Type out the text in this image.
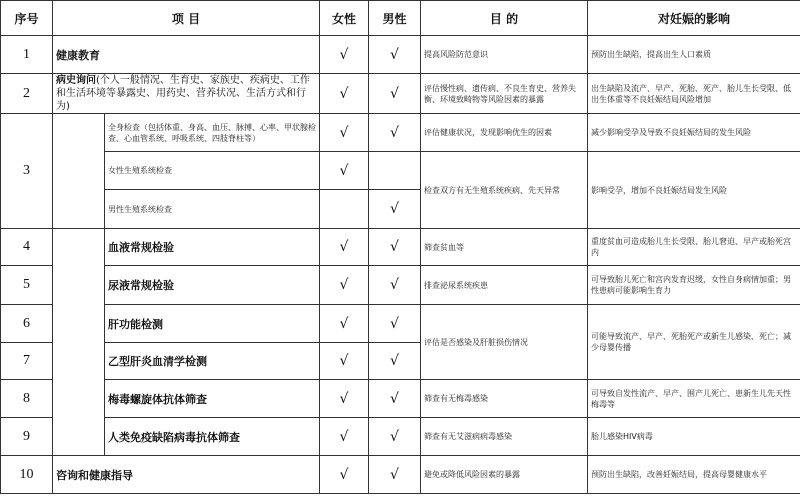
序号	项 目		女性	男性	目 的	对妊娠的影响
1	健康教育		√	√	提高风险防范意识	预防出生缺陷，提高出生人口素质
2	病史询问(个人一般情况、生育史、家族史、疾病史、工作和生活环境等暴露史、用药史、营养状况、生活方式和行为)		√	√	评估慢性病、遗传病、不良生育史、营养失衡、环境致畸物等风险因素的暴露	出生缺陷及流产、早产、死胎、死产、胎儿生长受限、低出生体重等不良妊娠结局风险增加
3		全身检查（包括体重、身高、血压、脉搏、心率、甲状腺检查、心血管系统、呼吸系统、四肢脊柱等）	√	√	评估健康状况，发现影响优生的因素	减少影响受孕及导致不良妊娠结局的发生风险
		女性生殖系统检查	√		检查双方有无生殖系统疾病、先天异常	影响受孕，增加不良妊娠结局发生风险
		男性生殖系统检查		√		
4		血液常规检验	√	√	筛查贫血等	重度贫血可造成胎儿生长受限、胎儿窘迫、早产或胎死宫内
5		尿液常规检验	√	√	排查泌尿系统疾患	可导致胎儿死亡和宫内发育迟缓，女性自身病情加重；男性患病可能影响生育力
6		肝功能检测	√	√	评估是否感染及肝脏损伤情况	可能导致流产、早产、死胎死产或新生儿感染、死亡；减少母婴传播
7		乙型肝炎血清学检测	√	√		
8		梅毒螺旋体抗体筛查	√	√	筛查有无梅毒感染	可导致自发性流产、早产、围产儿死亡、患新生儿先天性梅毒等
9		人类免疫缺陷病毒抗体筛查	√	√	筛查有无艾滋病病毒感染	胎儿感染HIV病毒
10	咨询和健康指导		√	√	避免或降低风险因素的暴露	预防出生缺陷，改善妊娠结局，提高母婴健康水平
